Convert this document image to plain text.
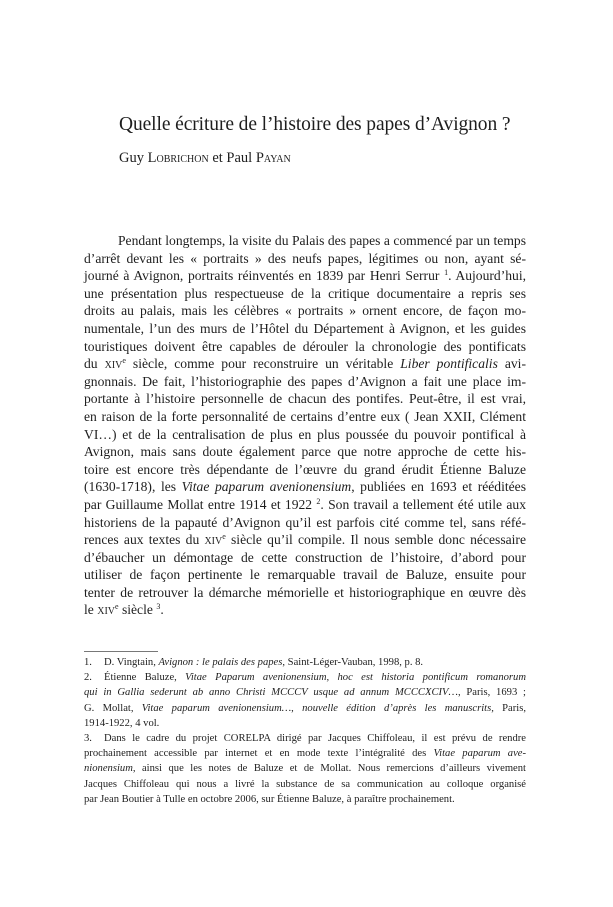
Quelle écriture de l’histoire des papes d’Avignon ?
Guy Lobrichon et Paul Payan
Pendant longtemps, la visite du Palais des papes a commencé par un temps
d’arrêt devant les « portraits » des neufs papes, légitimes ou non, ayant sé-
journé à Avignon, portraits réinventés en 1839 par Henri Serrur $^1$. Aujourd’hui,
une présentation plus respectueuse de la critique documentaire a repris ses
droits au palais, mais les célèbres « portraits » ornent encore, de façon mo-
numentale, l’un des murs de l’Hôtel du Département à Avignon, et les guides
touristiques doivent être capables de dérouler la chronologie des pontificats
du xiv$^e$ siècle, comme pour reconstruire un véritable Liber pontificalis avi-
gnonnais. De fait, l’historiographie des papes d’Avignon a fait une place im-
portante à l’histoire personnelle de chacun des pontifes. Peut-être, il est vrai,
en raison de la forte personnalité de certains d’entre eux ( Jean XXII, Clément
VI…) et de la centralisation de plus en plus poussée du pouvoir pontifical à
Avignon, mais sans doute également parce que notre approche de cette his-
toire est encore très dépendante de l’œuvre du grand érudit Étienne Baluze
(1630-1718), les Vitae paparum avenionensium, publiées en 1693 et rééditées
par Guillaume Mollat entre 1914 et 1922 $^2$. Son travail a tellement été utile aux
historiens de la papauté d’Avignon qu’il est parfois cité comme tel, sans réfé-
rences aux textes du xiv$^e$ siècle qu’il compile. Il nous semble donc nécessaire
d’ébaucher un démontage de cette construction de l’histoire, d’abord pour
utiliser de façon pertinente le remarquable travail de Baluze, ensuite pour
tenter de retrouver la démarche mémorielle et historiographique en œuvre dès
le xiv$^e$ siècle $^3$.
1. D. Vingtain, Avignon : le palais des papes, Saint-Léger-Vauban, 1998, p. 8.
2. Étienne Baluze, Vitae Paparum avenionensium, hoc est historia pontificum romanorum
qui in Gallia sederunt ab anno Christi MCCCV usque ad annum MCCCXCIV…, Paris, 1693 ;
G. Mollat, Vitae paparum avenionensium…, nouvelle édition d’après les manuscrits, Paris,
1914-1922, 4 vol.
3. Dans le cadre du projet CORELPA dirigé par Jacques Chiffoleau, il est prévu de rendre
prochainement accessible par internet et en mode texte l’intégralité des Vitae paparum ave-
nionensium, ainsi que les notes de Baluze et de Mollat. Nous remercions d’ailleurs vivement
Jacques Chiffoleau qui nous a livré la substance de sa communication au colloque organisé
par Jean Boutier à Tulle en octobre 2006, sur Étienne Baluze, à paraître prochainement.
